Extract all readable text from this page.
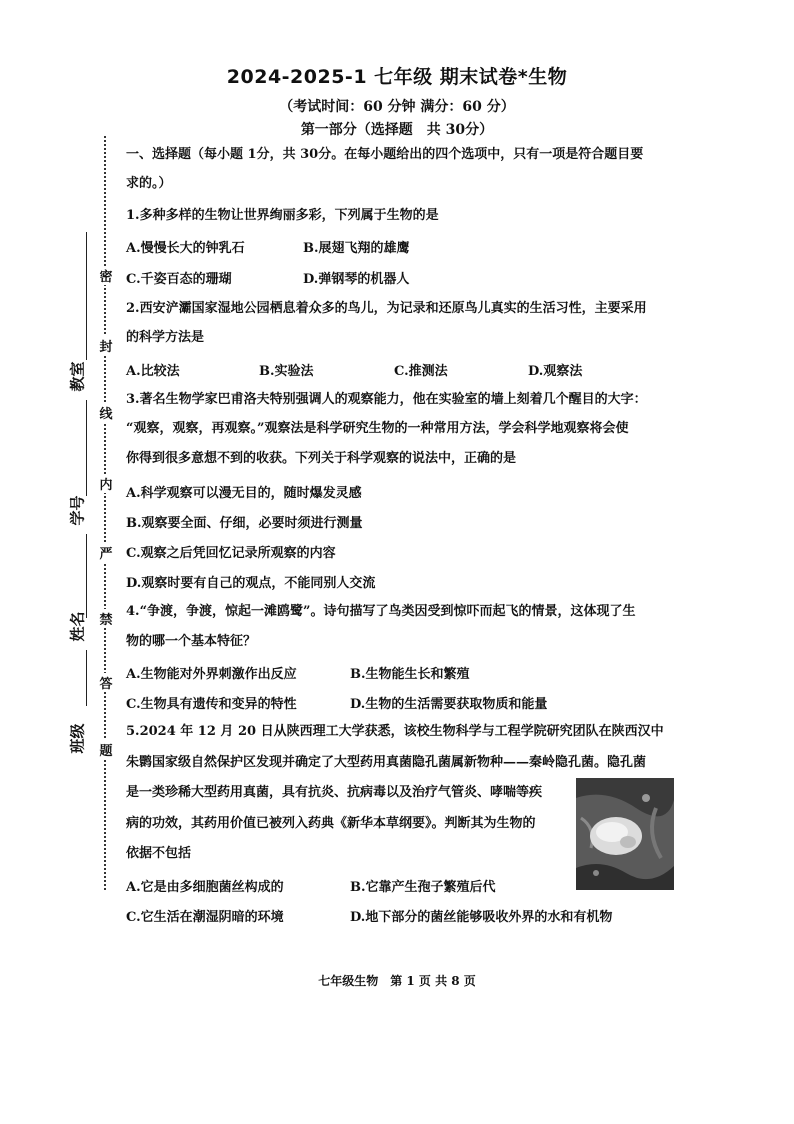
2024-2025-1 七年级 期末试卷*生物
（考试时间：60 分钟 满分：60 分）
第一部分（选择题　共 30分）
密
封
线
内
严
禁
答
题
教室
学号
姓名
班级
一、选择题（每小题 1分，共 30分。在每小题给出的四个选项中，只有一项是符合题目要
求的。）
1.多种多样的生物让世界绚丽多彩，下列属于生物的是
A.慢慢长大的钟乳石	B.展翅飞翔的雄鹰
C.千姿百态的珊瑚	D.弹钢琴的机器人
2.西安浐灞国家湿地公园栖息着众多的鸟儿，为记录和还原鸟儿真实的生活习性，主要采用
的科学方法是
A.比较法	B.实验法	C.推测法	D.观察法
3.著名生物学家巴甫洛夫特别强调人的观察能力，他在实验室的墙上刻着几个醒目的大字：
“观察，观察，再观察。”观察法是科学研究生物的一种常用方法，学会科学地观察将会使
你得到很多意想不到的收获。下列关于科学观察的说法中，正确的是
A.科学观察可以漫无目的，随时爆发灵感
B.观察要全面、仔细，必要时须进行测量
C.观察之后凭回忆记录所观察的内容
D.观察时要有自己的观点，不能同别人交流
4.“争渡，争渡，惊起一滩鸥鹭”。诗句描写了鸟类因受到惊吓而起飞的情景，这体现了生
物的哪一个基本特征？
A.生物能对外界刺激作出反应	B.生物能生长和繁殖
C.生物具有遗传和变异的特性	D.生物的生活需要获取物质和能量
5.2024 年 12 月 20 日从陕西理工大学获悉，该校生物科学与工程学院研究团队在陕西汉中
朱鹮国家级自然保护区发现并确定了大型药用真菌隐孔菌属新物种——秦岭隐孔菌。隐孔菌
是一类珍稀大型药用真菌，具有抗炎、抗病毒以及治疗气管炎、哮喘等疾
病的功效，其药用价值已被列入药典《新华本草纲要》。判断其为生物的
依据不包括
A.它是由多细胞菌丝构成的	B.它靠产生孢子繁殖后代
C.它生活在潮湿阴暗的环境	D.地下部分的菌丝能够吸收外界的水和有机物
七年级生物　第 1 页 共 8 页
